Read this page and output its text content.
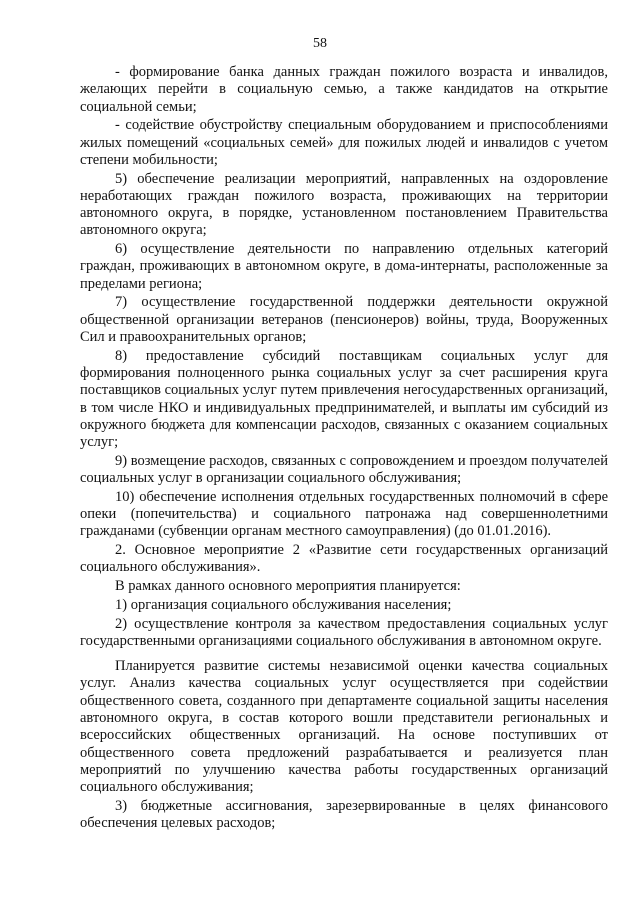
58

- формирование банка данных граждан пожилого возраста и инвалидов, желающих перейти в социальную семью, а также кандидатов на открытие социальной семьи;

- содействие обустройству специальным оборудованием и приспособлениями жилых помещений «социальных семей» для пожилых людей и инвалидов с учетом степени мобильности;

5) обеспечение реализации мероприятий, направленных на оздоровление неработающих граждан пожилого возраста, проживающих на территории автономного округа, в порядке, установленном постановлением Правительства автономного округа;

6) осуществление деятельности по направлению отдельных категорий граждан, проживающих в автономном округе, в дома-интернаты, расположенные за пределами региона;

7) осуществление государственной поддержки деятельности окружной общественной организации ветеранов (пенсионеров) войны, труда, Вооруженных Сил и правоохранительных органов;

8) предоставление субсидий поставщикам социальных услуг для формирования полноценного рынка социальных услуг за счет расширения круга поставщиков социальных услуг путем привлечения негосударственных организаций, в том числе НКО и индивидуальных предпринимателей, и выплаты им субсидий из окружного бюджета для компенсации расходов, связанных с оказанием социальных услуг;

9) возмещение расходов, связанных с сопровождением и проездом получателей социальных услуг в организации социального обслуживания;

10) обеспечение исполнения отдельных государственных полномочий в сфере опеки (попечительства) и социального патронажа над совершеннолетними гражданами (субвенции органам местного самоуправления) (до 01.01.2016).

2. Основное мероприятие 2 «Развитие сети государственных организаций социального обслуживания».

В рамках данного основного мероприятия планируется:

1) организация социального обслуживания населения;

2) осуществление контроля за качеством предоставления социальных услуг государственными организациями социального обслуживания в автономном округе.

Планируется развитие системы независимой оценки качества социальных услуг. Анализ качества социальных услуг осуществляется при содействии общественного совета, созданного при департаменте социальной защиты населения автономного округа, в состав которого вошли представители региональных и всероссийских общественных организаций. На основе поступивших от общественного совета предложений разрабатывается и реализуется план мероприятий по улучшению качества работы государственных организаций социального обслуживания;

3) бюджетные ассигнования, зарезервированные в целях финансового обеспечения целевых расходов;
